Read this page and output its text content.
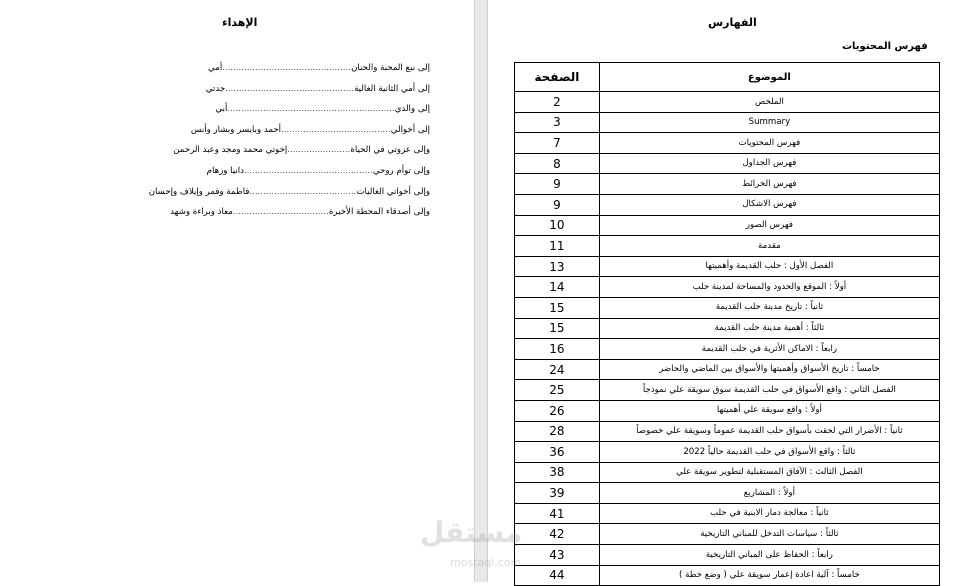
الإهداء
إلى نبع المحبة والحنان...............................................أمي
إلى أمي الثانية الغالية...............................................جدتي
إلى والدي.............................................................أبي
إلى أخوالي........................................أحمد وبايسر وبشار وأنس
وإلى عزوتي في الحياة.......................إخوتي محمد ومجد وعبد الرحمن
وإلى توأم روحي...............................................دانيا ورهام
وإلى أخواتي الغاليات.......................................فاطمة وقمر وإيلاف وإحسان
وإلى أصدقاء المحطة الأخيرة...................................معاذ وبراءة وشهد
الفهارس
فهرس المحتويات
الموضوع	الصفحة
الملخص	2
Summary	3
فهرس المحتويات	7
فهرس الجداول	8
فهرس الخرائط	9
فهرس الاشكال	9
فهرس الصور	10
مقدمة	11
الفصل الأول : حلب القديمة وأهميتها	13
أولاً : الموقع والحدود والمساحة لمدينة حلب	14
ثانياً : تاريخ مدينة حلب القديمة	15
ثالثاً : أهمية مدينة حلب القديمة	15
رابعاً : الاماكن الأثرية في حلب القديمة	16
خامساً : تاريخ الأسواق وأهميتها والأسواق بين الماضي والحاضر	24
الفصل الثاني : واقع الأسواق في حلب القديمة سوق سويقة علي نموذجاً	25
أولاً : واقع سويقة علي أهميتها	26
ثانياً : الأضرار التي لحقت بأسواق حلب القديمة عموماً وسويقة علي خصوصاً	28
ثالثاً : واقع الأسواق في حلب القديمة حالياً 2022	36
الفصل الثالث : الآفاق المستقبلية لتطوير سويقة علي	38
أولاً : المشاريع	39
ثانياً : معالجة دمار الابنية في حلب	41
ثالثاً : سياسات التدخل للمباني التاريخية	42
رابعاً : الحفاظ على المباني التاريخية	43
خامساً : آلية اعادة إعمار سويقة علي ( وضع خطة )	44
مستقل
mostaql.com
